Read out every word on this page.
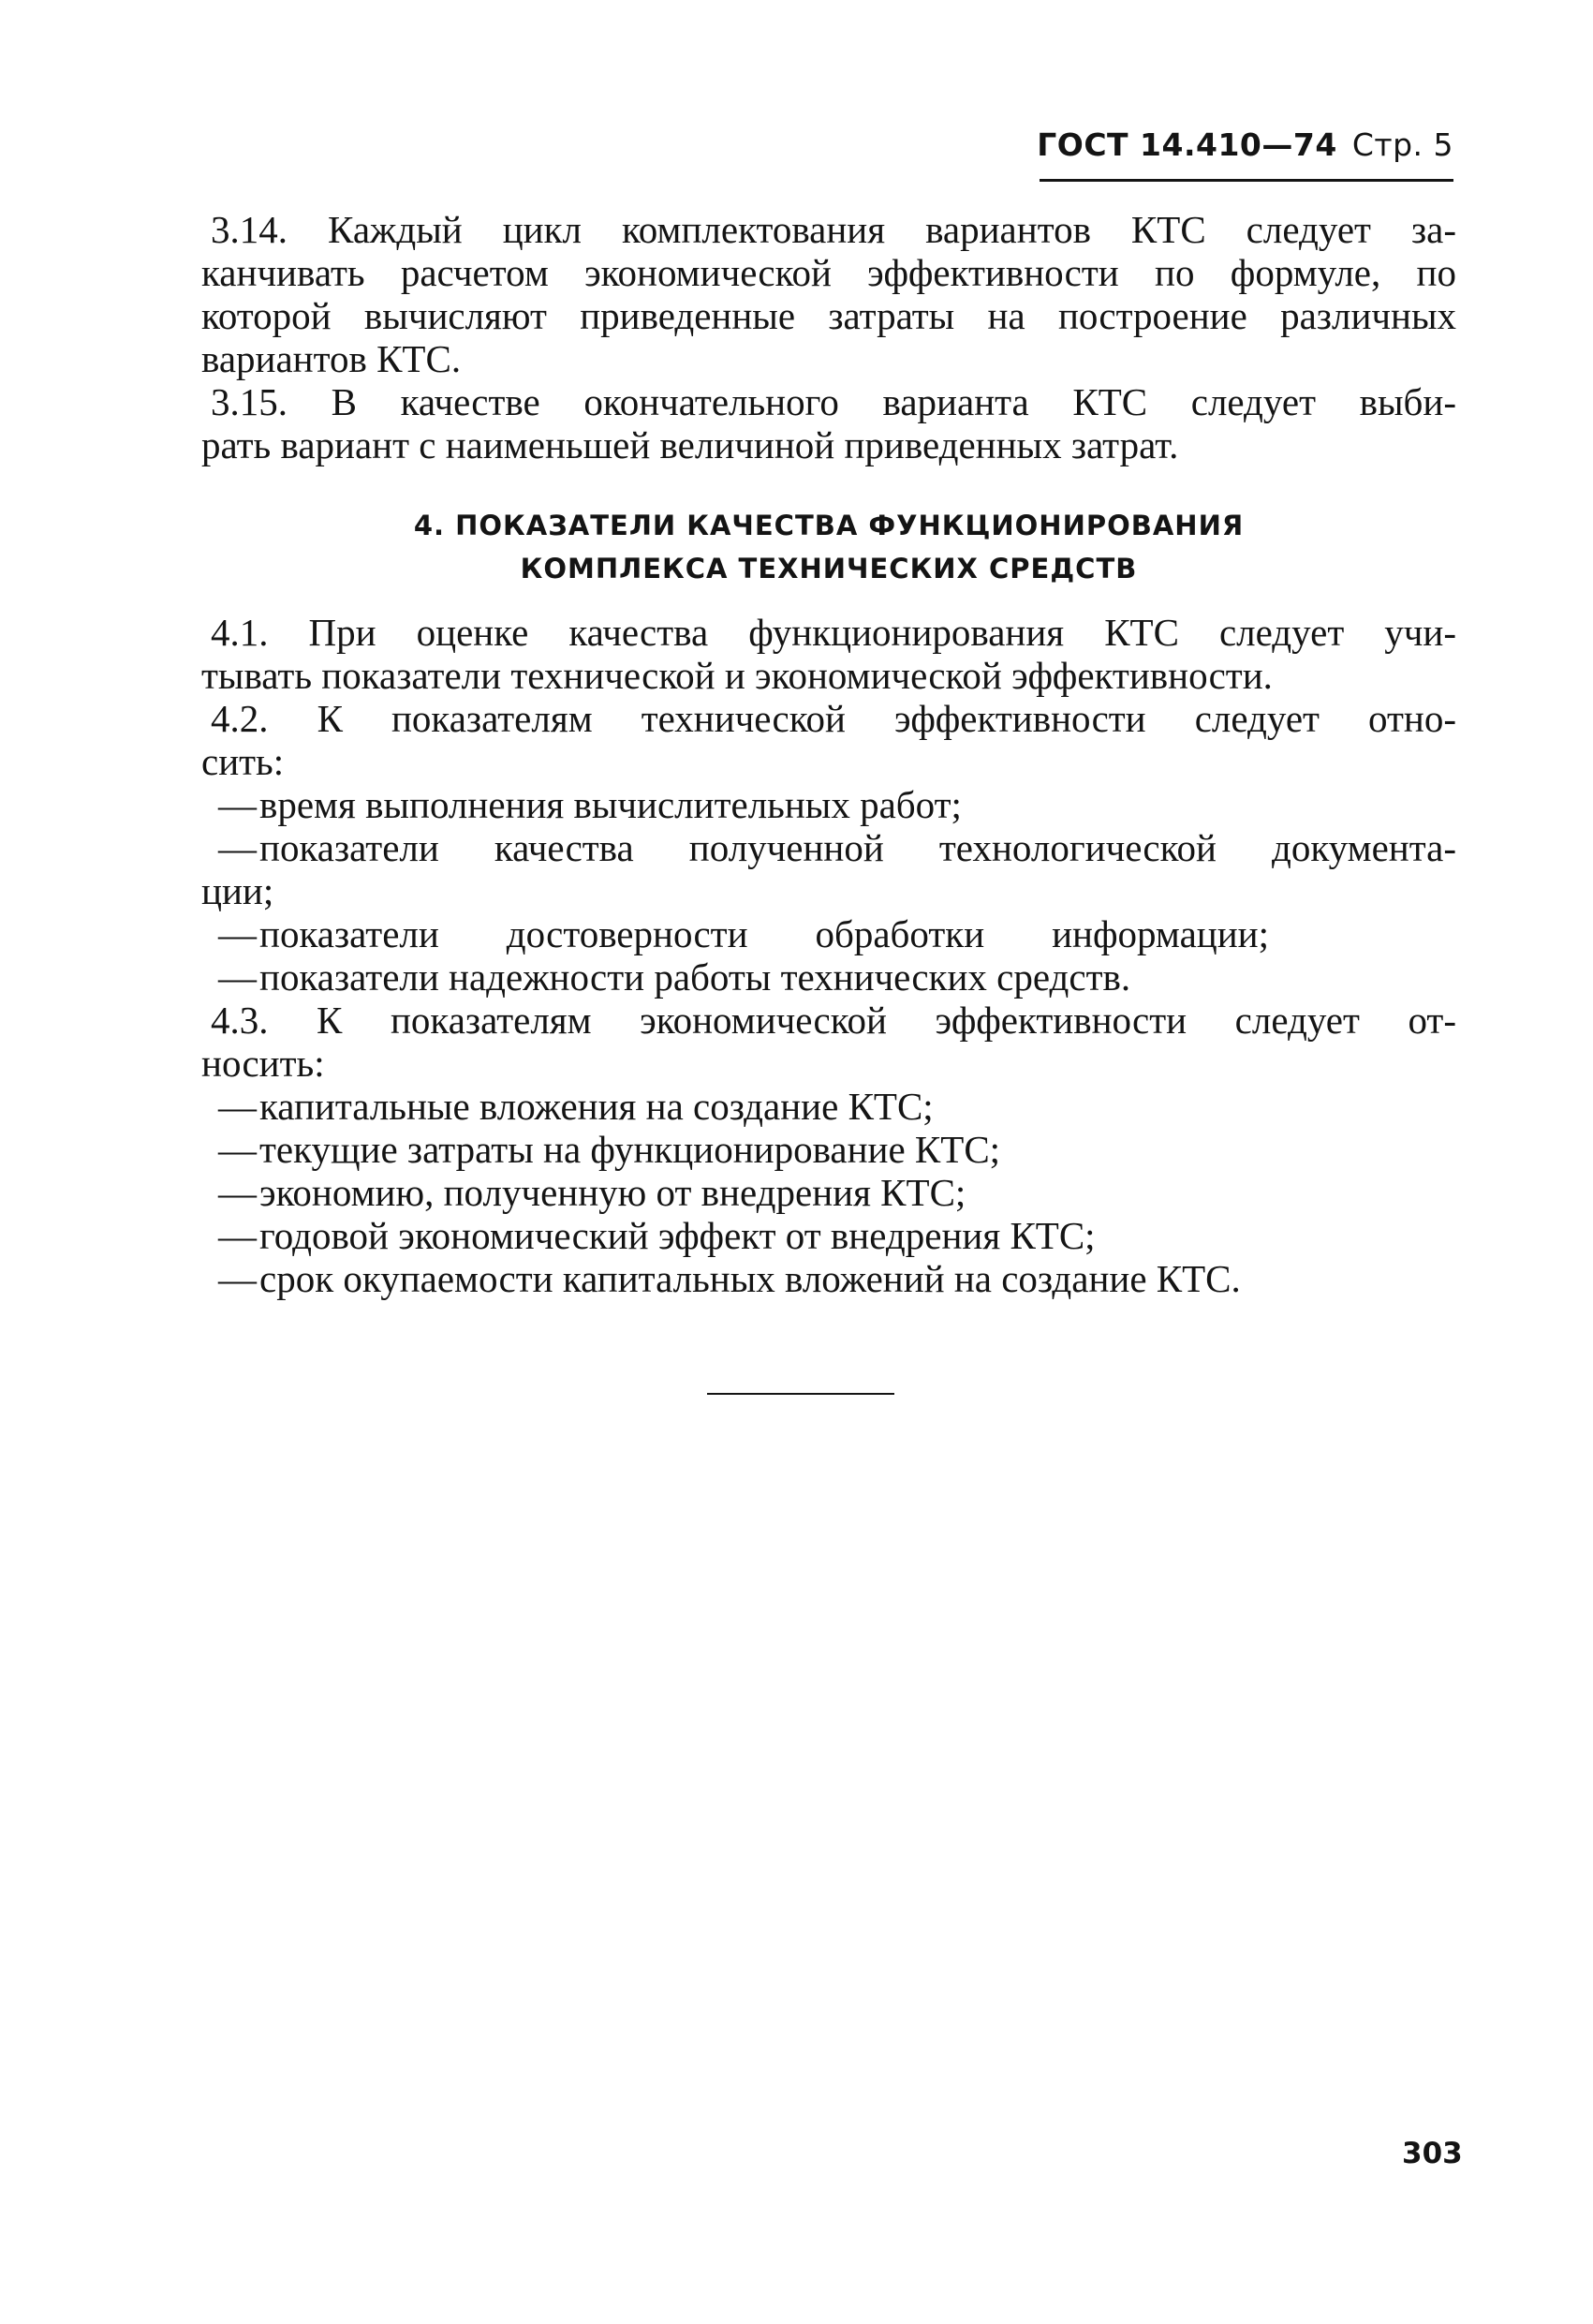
ГОСТ 14.410—74 Стр. 5
3.14. Каждый цикл комплектования вариантов КТС следует за-
канчивать расчетом экономической эффективности по формуле, по
которой вычисляют приведенные затраты на построение различных
вариантов КТС.
3.15. В качестве окончательного варианта КТС следует выби-
рать вариант с наименьшей величиной приведенных затрат.
4. ПОКАЗАТЕЛИ КАЧЕСТВА ФУНКЦИОНИРОВАНИЯ
КОМПЛЕКСА ТЕХНИЧЕСКИХ СРЕДСТВ
4.1. При оценке качества функционирования КТС следует учи-
тывать показатели технической и экономической эффективности.
4.2. К показателям технической эффективности следует отно-
сить:
— время выполнения вычислительных работ;
— показатели качества полученной технологической документа-
ции;
— показатели достоверности обработки информации;
— показатели надежности работы технических средств.
4.3. К показателям экономической эффективности следует от-
носить:
— капитальные вложения на создание КТС;
— текущие затраты на функционирование КТС;
— экономию, полученную от внедрения КТС;
— годовой экономический эффект от внедрения КТС;
— срок окупаемости капитальных вложений на создание КТС.
303
